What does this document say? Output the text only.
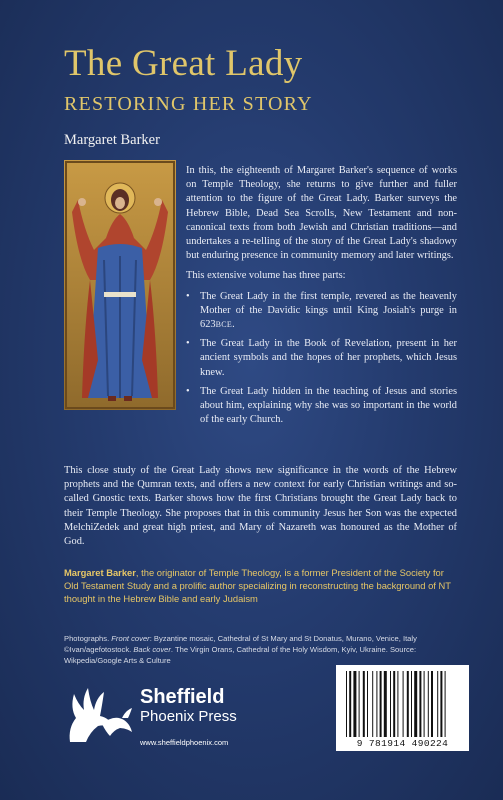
The Great Lady
RESTORING HER STORY
Margaret Barker

In this, the eighteenth of Margaret Barker's sequence of works on Temple Theology, she returns to give further and fuller attention to the figure of the Great Lady. Barker surveys the Hebrew Bible, Dead Sea Scrolls, New Testament and non-canonical texts from both Jewish and Christian traditions—and undertakes a re-telling of the story of the Great Lady's shadowy but enduring presence in community memory and later writings.

This extensive volume has three parts:

• The Great Lady in the first temple, revered as the heavenly Mother of the Davidic kings until King Josiah's purge in 623BCE.
• The Great Lady in the Book of Revelation, present in her ancient symbols and the hopes of her prophets, which Jesus knew.
• The Great Lady hidden in the teaching of Jesus and stories about him, explaining why she was so important in the world of the early Church.
This close study of the Great Lady shows new significance in the words of the Hebrew prophets and the Qumran texts, and offers a new context for early Christian writings and so-called Gnostic texts. Barker shows how the first Christians brought the Great Lady back to their Temple Theology. She proposes that in this community Jesus her Son was the expected MelchiZedek and great high priest, and Mary of Nazareth was honoured as the Mother of God.
Margaret Barker, the originator of Temple Theology, is a former President of the Society for Old Testament Study and a prolific author specializing in reconstructing the background of NT thought in the Hebrew Bible and early Judaism
Photographs. Front cover: Byzantine mosaic, Cathedral of St Mary and St Donatus, Murano, Venice, Italy ©Ivan/agefotostock. Back cover. The Virgin Orans, Cathedral of the Holy Wisdom, Kyiv, Ukraine. Source: Wikpedia/Google Arts & Culture
Sheffield
Phoenix Press
www.sheffieldphoenix.com	9 781914 490224
